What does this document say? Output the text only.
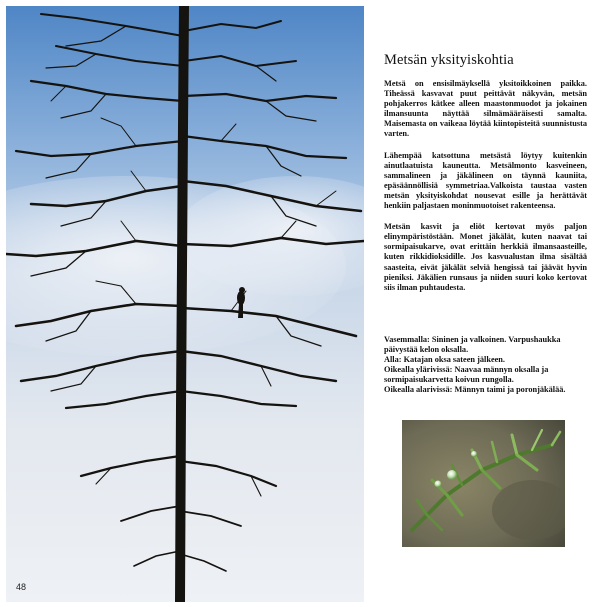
48
Metsän yksityiskohtia

Metsä on ensisilmäyksellä yksitoikkoinen paikka. Tiheässä kasvavat puut peittävät näkyvän, metsän pohjakerros kätkee alleen maastonmuodot ja jokainen ilmansuunta näyttää silmämääräisesti samalta. Maisemasta on vaikeaa löytää kiintopisteitä suunnistusta varten.

Lähempää katsottuna metsästä löytyy kuitenkin ainutlaatuista kauneutta. Metsälmonto kasveineen, sammalineen ja jäkälineen on täynnä kauniita, epäsäännöllisiä symmetriaa.Valkoista taustaa vasten metsän yksityiskohdat nousevat esille ja herättävät henkiin paljastaen moninmuotoiset rakenteensa.

Metsän kasvit ja eliöt kertovat myös paljon elinympäristöstään. Monet jäkälät, kuten naavat tai sormipaisukarve, ovat erittäin herkkiä ilmansaasteille, kuten rikkidioksidille. Jos kasvualustan ilma sisältää saasteita, eivät jäkälät selviä hengissä tai jäävät hyvin pieniksi. Jäkälien runsaus ja niiden suuri koko kertovat siis ilman puhtaudesta.

Vasemmalla: Sininen ja valkoinen. Varpushaukka
päivystää kelon oksalla.
Alla: Katajan oksa sateen jälkeen.
Oikealla ylärivissä: Naavaa männyn oksalla ja
sormipaisukarvetta koivun rungolla.
Oikealla alarivissä: Männyn taimi ja poronjäkälää.
